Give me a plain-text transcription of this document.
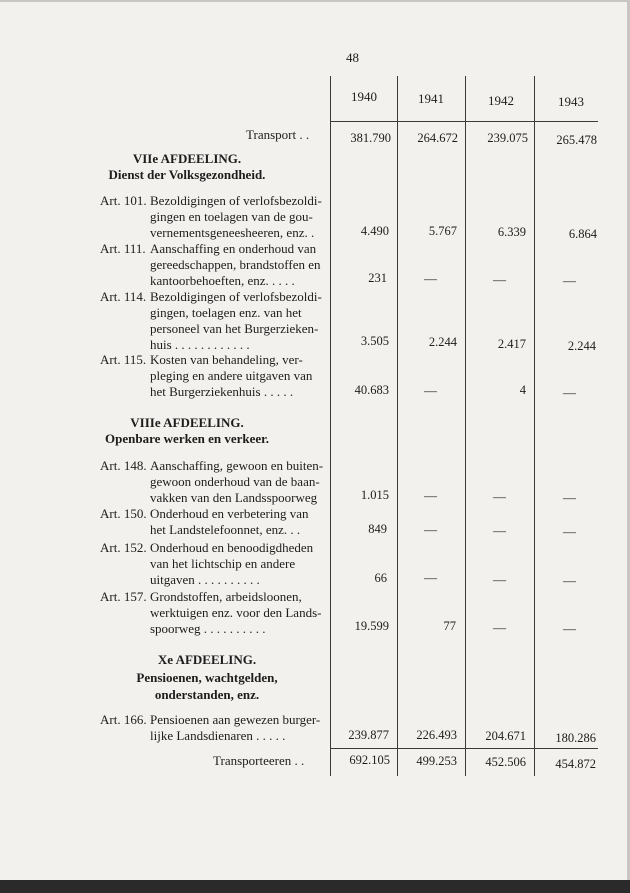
48
1940	1941	1942	1943
Transport . .	381.790	264.672	239.075	265.478
VIIe AFDEELING.
Dienst der Volksgezondheid.
Art. 101. Bezoldigingen of verlofsbezoldi-
gingen en toelagen van de gou-
vernementsgeneesheeren, enz. .	4.490	5.767	6.339	6.864
Art. 111. Aanschaffing en onderhoud van
gereedschappen, brandstoffen en
kantoorbehoeften, enz. . . . .	231	—	—	—
Art. 114. Bezoldigingen of verlofsbezoldi-
gingen, toelagen enz. van het
personeel van het Burgerzieken-
huis . . . . . . . . . . . .	3.505	2.244	2.417	2.244
Art. 115. Kosten van behandeling, ver-
pleging en andere uitgaven van
het Burgerziekenhuis . . . . .	40.683	—	4	—
VIIIe AFDEELING.
Openbare werken en verkeer.
Art. 148. Aanschaffing, gewoon en buiten-
gewoon onderhoud van de baan-
vakken van den Landsspoorweg	1.015	—	—	—
Art. 150. Onderhoud en verbetering van
het Landstelefoonnet, enz. . .	849	—	—	—
Art. 152. Onderhoud en benoodigdheden
van het lichtschip en andere
uitgaven . . . . . . . . . .	66	—	—	—
Art. 157. Grondstoffen, arbeidsloonen,
werktuigen enz. voor den Lands-
spoorweg . . . . . . . . . .	19.599	77	—	—
Xe AFDEELING.
Pensioenen, wachtgelden,
onderstanden, enz.
Art. 166. Pensioenen aan gewezen burger-
lijke Landsdienaren . . . . .	239.877	226.493	204.671	180.286
Transporteeren . .	692.105	499.253	452.506	454.872
